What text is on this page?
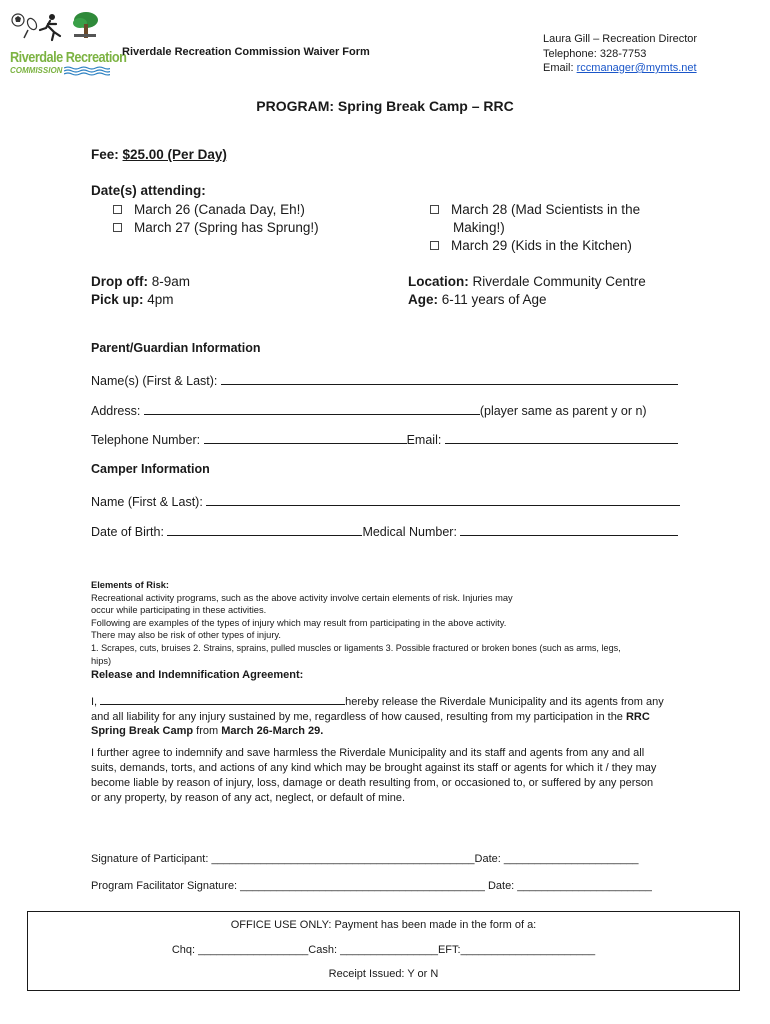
Riverdale Recreation
COMMISSION
Riverdale Recreation Commission Waiver Form
Laura Gill – Recreation Director
Telephone: 328-7753
Email: rccmanager@mymts.net
PROGRAM: Spring Break Camp – RRC
Fee: $25.00 (Per Day)
Date(s) attending:
March 26 (Canada Day, Eh!)
March 27 (Spring has Sprung!)
March 28 (Mad Scientists in the
Making!)
March 29 (Kids in the Kitchen)
Drop off: 8-9am
Pick up: 4pm
Location: Riverdale Community Centre
Age: 6-11 years of Age
Parent/Guardian Information
Name(s) (First & Last):
Address:	(player same as parent y or n)
Telephone Number:	Email:
Camper Information
Name (First & Last):
Date of Birth:	Medical Number:
Elements of Risk:
Recreational activity programs, such as the above activity involve certain elements of risk. Injuries may
occur while participating in these activities.
Following are examples of the types of injury which may result from participating in the above activity.
There may also be risk of other types of injury.
1. Scrapes, cuts, bruises 2. Strains, sprains, pulled muscles or ligaments 3. Possible fractured or broken bones (such as arms, legs,
hips)
Release and Indemnification Agreement:
I,	hereby release the Riverdale Municipality and its agents from any
and all liability for any injury sustained by me, regardless of how caused, resulting from my participation in the RRC
Spring Break Camp from March 26-March 29.
I further agree to indemnify and save harmless the Riverdale Municipality and its staff and agents from any and all
suits, demands, torts, and actions of any kind which may be brought against its staff or agents for which it / they may
become liable by reason of injury, loss, damage or death resulting from, or occasioned to, or suffered by any person
or any property, by reason of any act, neglect, or default of mine.
Signature of Participant: ___________________________________________Date: ______________________
Program Facilitator Signature: ________________________________________ Date: ______________________
OFFICE USE ONLY: Payment has been made in the form of a:
Chq: __________________Cash: ________________EFT:______________________
Receipt Issued: Y or N
